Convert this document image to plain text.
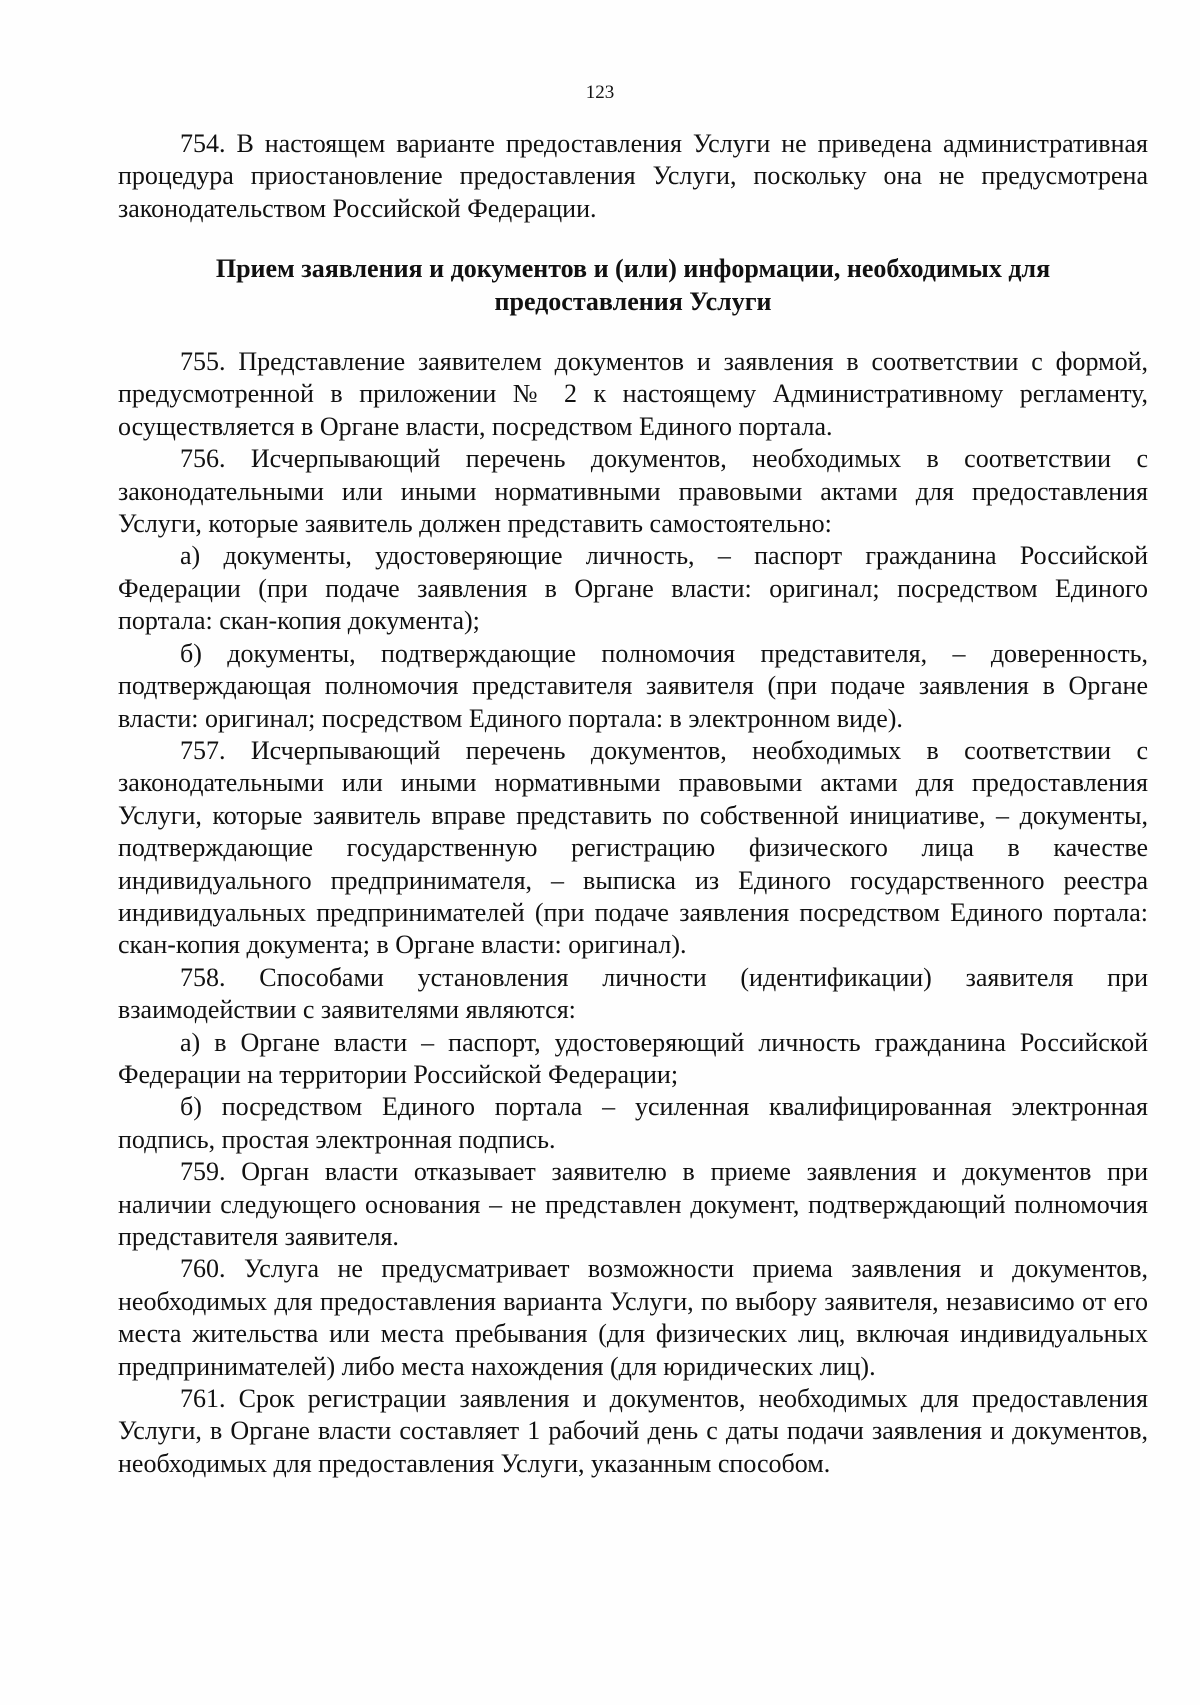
123

754. В настоящем варианте предоставления Услуги не приведена административная процедура приостановление предоставления Услуги, поскольку она не предусмотрена законодательством Российской Федерации.

Прием заявления и документов и (или) информации, необходимых для
предоставления Услуги

755. Представление заявителем документов и заявления в соответствии с формой, предусмотренной в приложении № 2 к настоящему Административному регламенту, осуществляется в Органе власти, посредством Единого портала.

756. Исчерпывающий перечень документов, необходимых в соответствии с законодательными или иными нормативными правовыми актами для предоставления Услуги, которые заявитель должен представить самостоятельно:

а) документы, удостоверяющие личность, – паспорт гражданина Российской Федерации (при подаче заявления в Органе власти: оригинал; посредством Единого портала: скан-копия документа);

б) документы, подтверждающие полномочия представителя, – доверенность, подтверждающая полномочия представителя заявителя (при подаче заявления в Органе власти: оригинал; посредством Единого портала: в электронном виде).

757. Исчерпывающий перечень документов, необходимых в соответствии с законодательными или иными нормативными правовыми актами для предоставления Услуги, которые заявитель вправе представить по собственной инициативе, – документы, подтверждающие государственную регистрацию физического лица в качестве индивидуального предпринимателя, – выписка из Единого государственного реестра индивидуальных предпринимателей (при подаче заявления посредством Единого портала: скан-копия документа; в Органе власти: оригинал).

758. Способами установления личности (идентификации) заявителя при взаимодействии с заявителями являются:

а) в Органе власти – паспорт, удостоверяющий личность гражданина Российской Федерации на территории Российской Федерации;

б) посредством Единого портала – усиленная квалифицированная электронная подпись, простая электронная подпись.

759. Орган власти отказывает заявителю в приеме заявления и документов при наличии следующего основания – не представлен документ, подтверждающий полномочия представителя заявителя.

760. Услуга не предусматривает возможности приема заявления и документов, необходимых для предоставления варианта Услуги, по выбору заявителя, независимо от его места жительства или места пребывания (для физических лиц, включая индивидуальных предпринимателей) либо места нахождения (для юридических лиц).

761. Срок регистрации заявления и документов, необходимых для предоставления Услуги, в Органе власти составляет 1 рабочий день с даты подачи заявления и документов, необходимых для предоставления Услуги, указанным способом.
